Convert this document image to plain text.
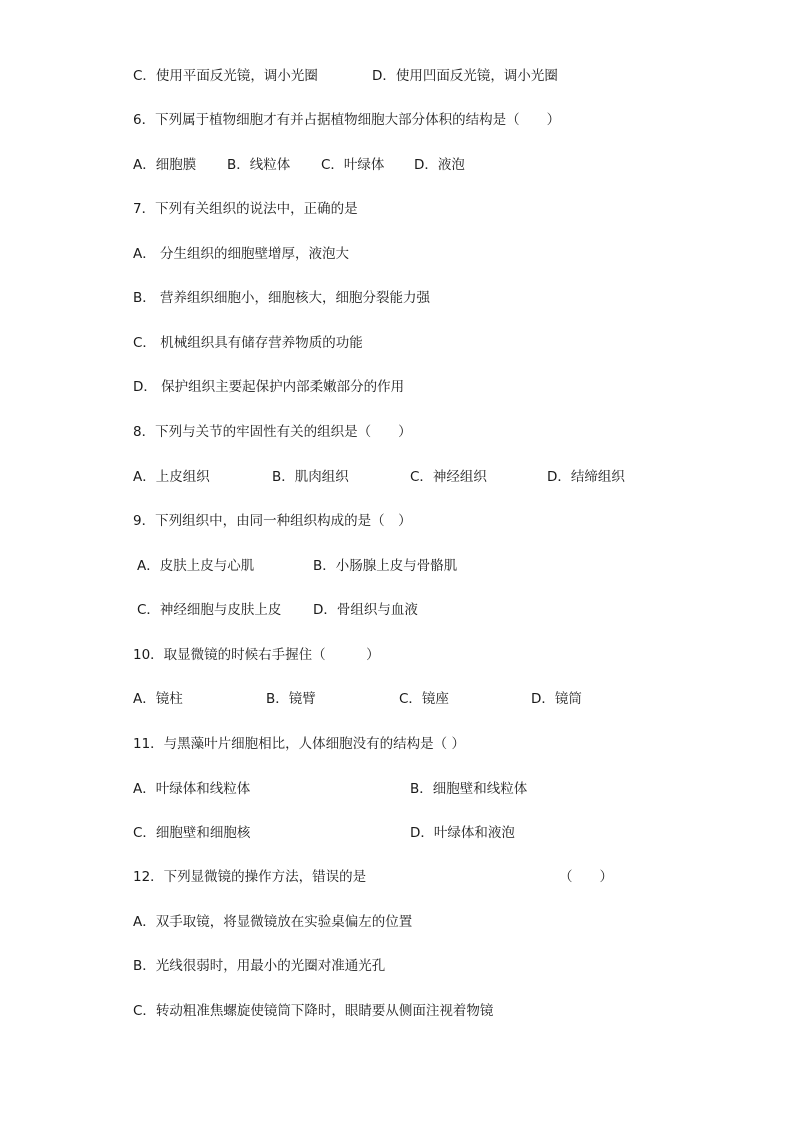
C．使用平面反光镜，调小光圈	D．使用凹面反光镜，调小光圈
6．下列属于植物细胞才有并占据植物细胞大部分体积的结构是（　　）
A．细胞膜 B．线粒体 C．叶绿体 D．液泡
7．下列有关组织的说法中，正确的是
A． 分生组织的细胞壁增厚，液泡大
B． 营养组织细胞小，细胞核大，细胞分裂能力强
C． 机械组织具有储存营养物质的功能
D． 保护组织主要起保护内部柔嫩部分的作用
8．下列与关节的牢固性有关的组织是（　　）
A．上皮组织	B．肌肉组织	C．神经组织	D．结缔组织
9．下列组织中，由同一种组织构成的是（　）
A．皮肤上皮与心肌	B．小肠腺上皮与骨骼肌
C．神经细胞与皮肤上皮 D．骨组织与血液
10．取显微镜的时候右手握住（　　　）
A．镜柱	B．镜臂	C．镜座	D．镜筒
11．与黑藻叶片细胞相比，人体细胞没有的结构是（ ）
A．叶绿体和线粒体	B．细胞壁和线粒体
C．细胞壁和细胞核	D．叶绿体和液泡
12．下列显微镜的操作方法，错误的是	（　　）
A．双手取镜，将显微镜放在实验桌偏左的位置
B．光线很弱时，用最小的光圈对准通光孔
C．转动粗准焦螺旋使镜筒下降时，眼睛要从侧面注视着物镜
